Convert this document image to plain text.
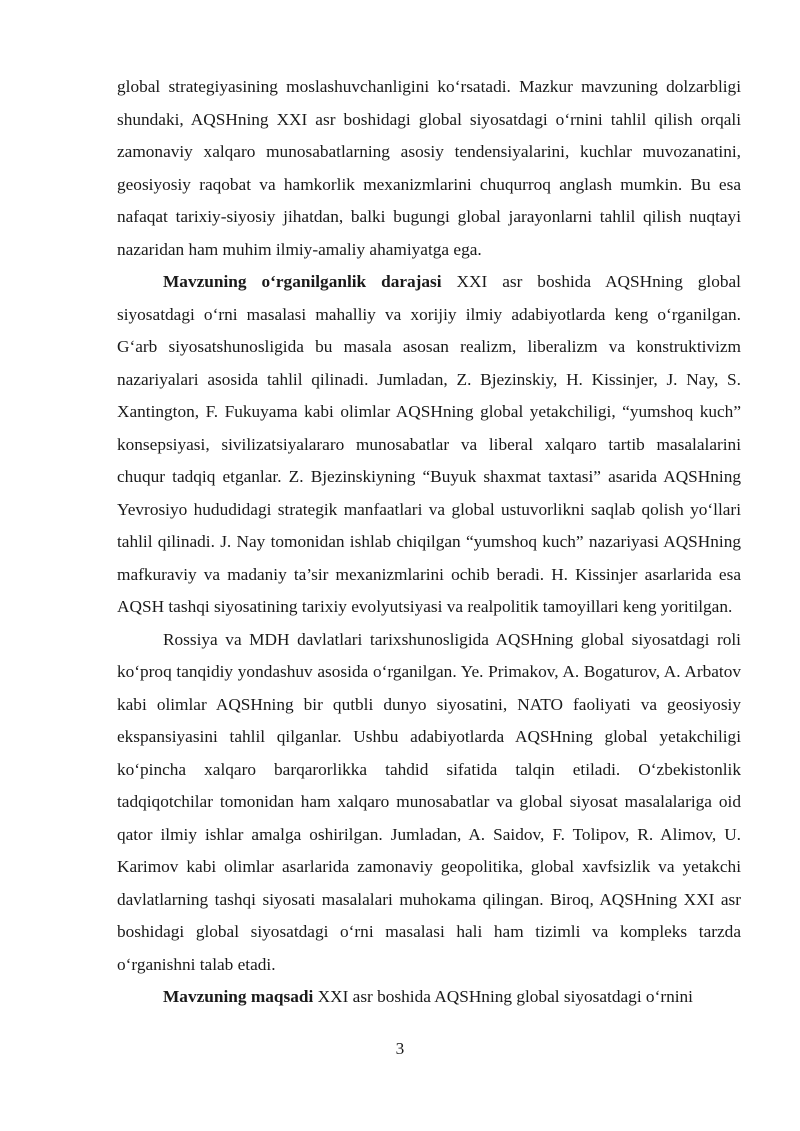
global strategiyasining moslashuvchanligini koʻrsatadi. Mazkur mavzuning dolzarbligi shundaki, AQSHning XXI asr boshidagi global siyosatdagi oʻrnini tahlil qilish orqali zamonaviy xalqaro munosabatlarning asosiy tendensiyalarini, kuchlar muvozanatini, geosiyosiy raqobat va hamkorlik mexanizmlarini chuqurroq anglash mumkin. Bu esa nafaqat tarixiy-siyosiy jihatdan, balki bugungi global jarayonlarni tahlil qilish nuqtayi nazaridan ham muhim ilmiy-amaliy ahamiyatga ega.

Mavzuning oʻrganilganlik darajasi XXI asr boshida AQSHning global siyosatdagi oʻrni masalasi mahalliy va xorijiy ilmiy adabiyotlarda keng oʻrganilgan. Gʻarb siyosatshunosligida bu masala asosan realizm, liberalizm va konstruktivizm nazariyalari asosida tahlil qilinadi. Jumladan, Z. Bjezinskiy, H. Kissinjer, J. Nay, S. Xantington, F. Fukuyama kabi olimlar AQSHning global yetakchiligi, “yumshoq kuch” konsepsiyasi, sivilizatsiyalararo munosabatlar va liberal xalqaro tartib masalalarini chuqur tadqiq etganlar. Z. Bjezinskiyning “Buyuk shaxmat taxtasi” asarida AQSHning Yevrosiyo hududidagi strategik manfaatlari va global ustuvorlikni saqlab qolish yoʻllari tahlil qilinadi. J. Nay tomonidan ishlab chiqilgan “yumshoq kuch” nazariyasi AQSHning mafkuraviy va madaniy ta’sir mexanizmlarini ochib beradi. H. Kissinjer asarlarida esa AQSH tashqi siyosatining tarixiy evolyutsiyasi va realpolitik tamoyillari keng yoritilgan.

Rossiya va MDH davlatlari tarixshunosligida AQSHning global siyosatdagi roli koʻproq tanqidiy yondashuv asosida oʻrganilgan. Ye. Primakov, A. Bogaturov, A. Arbatov kabi olimlar AQSHning bir qutbli dunyo siyosatini, NATO faoliyati va geosiyosiy ekspansiyasini tahlil qilganlar. Ushbu adabiyotlarda AQSHning global yetakchiligi koʻpincha xalqaro barqarorlikka tahdid sifatida talqin etiladi. Oʻzbekistonlik tadqiqotchilar tomonidan ham xalqaro munosabatlar va global siyosat masalalariga oid qator ilmiy ishlar amalga oshirilgan. Jumladan, A. Saidov, F. Tolipov, R. Alimov, U. Karimov kabi olimlar asarlarida zamonaviy geopolitika, global xavfsizlik va yetakchi davlatlarning tashqi siyosati masalalari muhokama qilingan. Biroq, AQSHning XXI asr boshidagi global siyosatdagi oʻrni masalasi hali ham tizimli va kompleks tarzda oʻrganishni talab etadi.

Mavzuning maqsadi XXI asr boshida AQSHning global siyosatdagi oʻrnini

3
